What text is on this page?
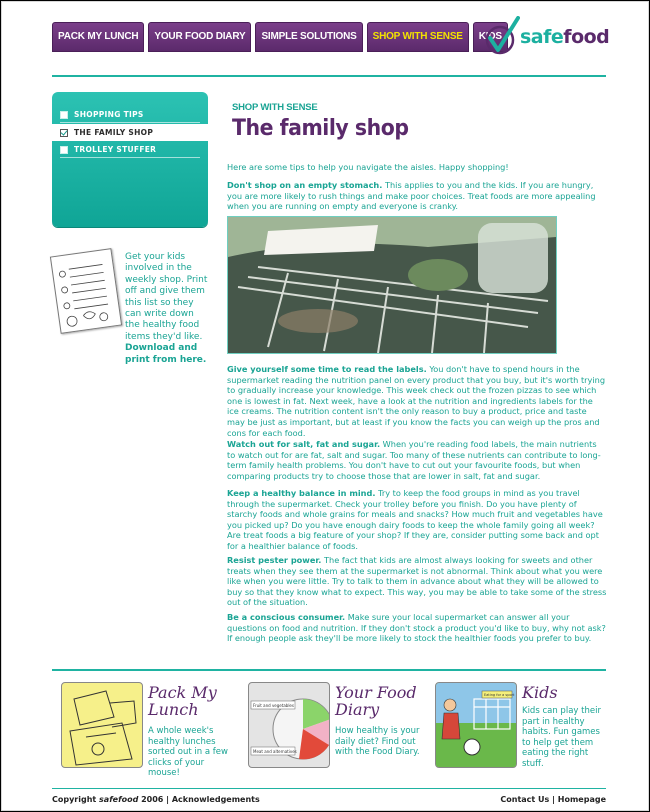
PACK MY LUNCH	YOUR FOOD DIARY	SIMPLE SOLUTIONS	SHOP WITH SENSE	KIDS safefood
SHOPPING TIPS
THE FAMILY SHOP
TROLLEY STUFFER
Get your kids involved in the weekly shop. Print off and give them this list so they can write down the healthy food items they'd like.
Download and print from here.
SHOP WITH SENSE
The family shop
Here are some tips to help you navigate the aisles. Happy shopping!
Don't shop on an empty stomach. This applies to you and the kids. If you are hungry, you are more likely to rush things and make poor choices. Treat foods are more appealing when you are running on empty and everyone is cranky.
Give yourself some time to read the labels. You don't have to spend hours in the supermarket reading the nutrition panel on every product that you buy, but it's worth trying to gradually increase your knowledge. This week check out the frozen pizzas to see which one is lowest in fat. Next week, have a look at the nutrition and ingredients labels for the ice creams. The nutrition content isn't the only reason to buy a product, price and taste may be just as important, but at least if you know the facts you can weigh up the pros and cons for each food.
Watch out for salt, fat and sugar. When you're reading food labels, the main nutrients to watch out for are fat, salt and sugar. Too many of these nutrients can contribute to long-term family health problems. You don't have to cut out your favourite foods, but when comparing products try to choose those that are lower in salt, fat and sugar.
Keep a healthy balance in mind. Try to keep the food groups in mind as you travel through the supermarket. Check your trolley before you finish. Do you have plenty of starchy foods and whole grains for meals and snacks? How much fruit and vegetables have you picked up? Do you have enough dairy foods to keep the whole family going all week? Are treat foods a big feature of your shop? If they are, consider putting some back and opt for a healthier balance of foods.
Resist pester power. The fact that kids are almost always looking for sweets and other treats when they see them at the supermarket is not abnormal. Think about what you were like when you were little. Try to talk to them in advance about what they will be allowed to buy so that they know what to expect. This way, you may be able to take some of the stress out of the situation.
Be a conscious consumer. Make sure your local supermarket can answer all your questions on food and nutrition. If they don't stock a product you'd like to buy, why not ask? If enough people ask they'll be more likely to stock the healthier foods you prefer to buy.
Pack My Lunch
A whole week's healthy lunches sorted out in a few clicks of your mouse!
Fruit and vegetables
Meat and alternatives
Your Food Diary
How healthy is your daily diet? Find out with the Food Diary.
Eating for a sport Kids
Kids can play their part in healthy habits. Fun games to help get them eating the right stuff.
Copyright safefood 2006 | Acknowledgements	Contact Us | Homepage
